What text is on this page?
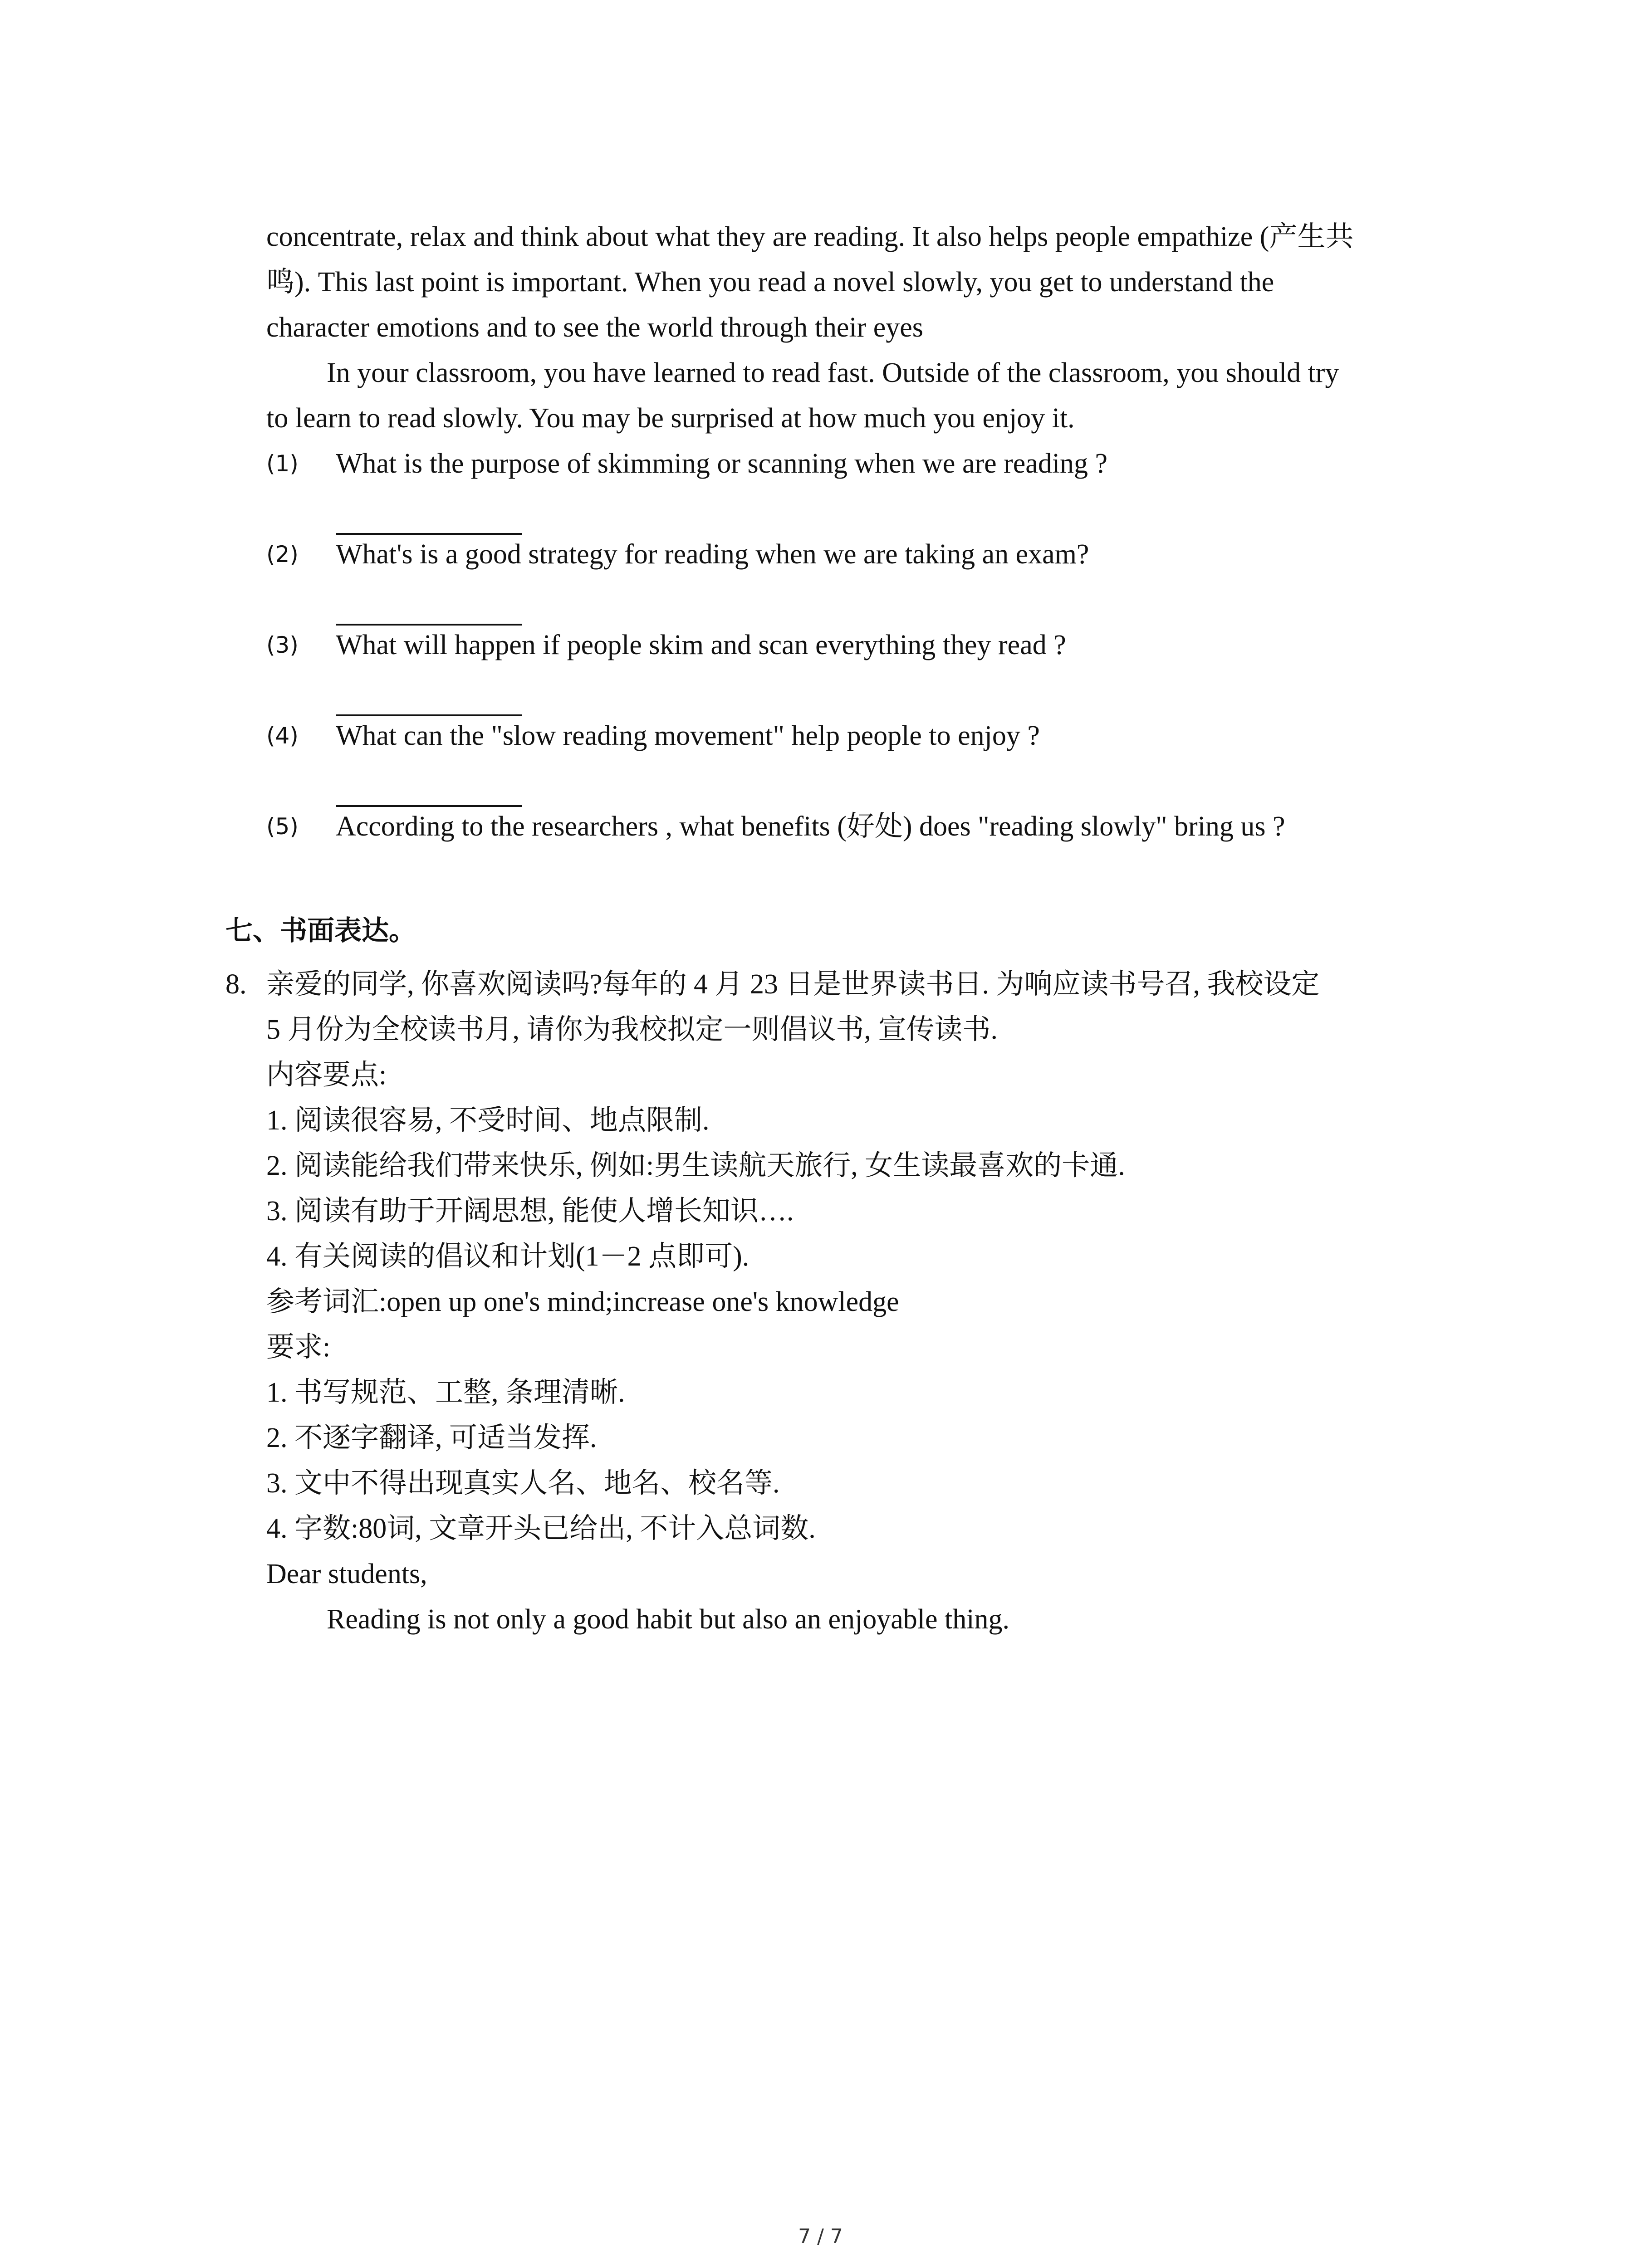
concentrate, relax and think about what they are reading. It also helps people empathize (产生共
鸣). This last point is important. When you read a novel slowly, you get to understand the
character emotions and to see the world through their eyes
In your classroom, you have learned to read fast. Outside of the classroom, you should try
to learn to read slowly. You may be surprised at how much you enjoy it.
(1) What is the purpose of skimming or scanning when we are reading ?
(2) What's is a good strategy for reading when we are taking an exam?
(3) What will happen if people skim and scan everything they read ?
(4) What can the "slow reading movement" help people to enjoy ?
(5) According to the researchers , what benefits (好处) does "reading slowly" bring us ?
七、书面表达。
8. 亲爱的同学, 你喜欢阅读吗?每年的 4 月 23 日是世界读书日. 为响应读书号召, 我校设定
5 月份为全校读书月, 请你为我校拟定一则倡议书, 宣传读书.
内容要点:
1. 阅读很容易, 不受时间、地点限制.
2. 阅读能给我们带来快乐, 例如:男生读航天旅行, 女生读最喜欢的卡通.
3. 阅读有助于开阔思想, 能使人增长知识….
4. 有关阅读的倡议和计划(1－2 点即可).
参考词汇:open up one's mind;increase one's knowledge
要求:
1. 书写规范、工整, 条理清晰.
2. 不逐字翻译, 可适当发挥.
3. 文中不得出现真实人名、地名、校名等.
4. 字数:80词, 文章开头已给出, 不计入总词数.
Dear students,
Reading is not only a good habit but also an enjoyable thing.
7 / 7
